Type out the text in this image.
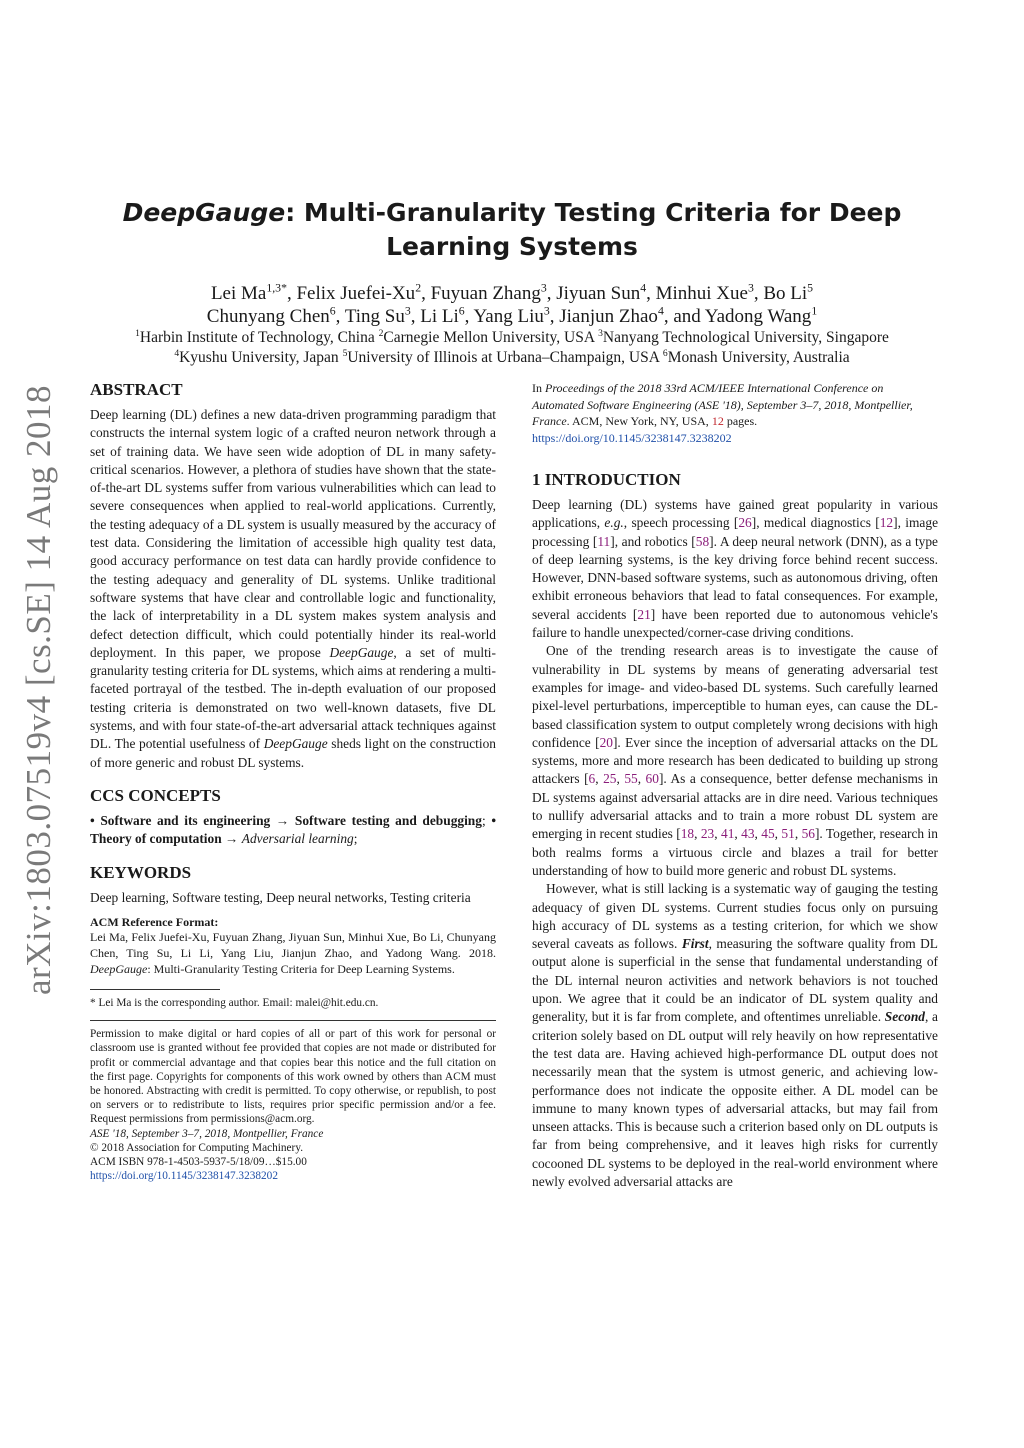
arXiv:1803.07519v4 [cs.SE] 14 Aug 2018
DeepGauge: Multi-Granularity Testing Criteria for Deep
Learning Systems
Lei $Ma^{1,3*}$, Felix Juefei-Xu$^2$, Fuyuan Zhang$^3$, Jiyuan Sun$^4$, Minhui Xue$^3$, Bo Li$^5$
Chunyang Chen$^6$, Ting Su$^3$, Li Li$^6$, Yang Liu$^3$, Jianjun Zhao$^4$, and Yadong Wang$^1$
$^1$Harbin Institute of Technology, China $^2$Carnegie Mellon University, USA $^3$Nanyang Technological University, Singapore
$^4$Kyushu University, Japan $^5$University of Illinois at Urbana–Champaign, USA $^6$Monash University, Australia
ABSTRACT

Deep learning (DL) defines a new data-driven programming paradigm that constructs the internal system logic of a crafted neuron network through a set of training data. We have seen wide adoption of DL in many safety-critical scenarios. However, a plethora of studies have shown that the state-of-the-art DL systems suffer from various vulnerabilities which can lead to severe consequences when applied to real-world applications. Currently, the testing adequacy of a DL system is usually measured by the accuracy of test data. Considering the limitation of accessible high quality test data, good accuracy performance on test data can hardly provide confidence to the testing adequacy and generality of DL systems. Unlike traditional software systems that have clear and controllable logic and functionality, the lack of interpretability in a DL system makes system analysis and defect detection difficult, which could potentially hinder its real-world deployment. In this paper, we propose DeepGauge, a set of multi-granularity testing criteria for DL systems, which aims at rendering a multi-faceted portrayal of the testbed. The in-depth evaluation of our proposed testing criteria is demonstrated on two well-known datasets, five DL systems, and with four state-of-the-art adversarial attack techniques against DL. The potential usefulness of DeepGauge sheds light on the construction of more generic and robust DL systems.

CCS CONCEPTS

• Software and its engineering → Software testing and debugging; • Theory of computation → Adversarial learning;

KEYWORDS

Deep learning, Software testing, Deep neural networks, Testing criteria

ACM Reference Format:

Lei Ma, Felix Juefei-Xu, Fuyuan Zhang, Jiyuan Sun, Minhui Xue, Bo Li, Chunyang Chen, Ting Su, Li Li, Yang Liu, Jianjun Zhao, and Yadong Wang. 2018. DeepGauge: Multi-Granularity Testing Criteria for Deep Learning Systems.

* Lei Ma is the corresponding author. Email: malei@hit.edu.cn.

Permission to make digital or hard copies of all or part of this work for personal or classroom use is granted without fee provided that copies are not made or distributed for profit or commercial advantage and that copies bear this notice and the full citation on the first page. Copyrights for components of this work owned by others than ACM must be honored. Abstracting with credit is permitted. To copy otherwise, or republish, to post on servers or to redistribute to lists, requires prior specific permission and/or a fee. Request permissions from permissions@acm.org.

ASE '18, September 3–7, 2018, Montpellier, France

© 2018 Association for Computing Machinery.

ACM ISBN 978-1-4503-5937-5/18/09…$15.00

https://doi.org/10.1145/3238147.3238202

In Proceedings of the 2018 33rd ACM/IEEE International Conference on Automated Software Engineering (ASE '18), September 3–7, 2018, Montpellier, France. ACM, New York, NY, USA, 12 pages. https://doi.org/10.1145/3238147.3238202

1 INTRODUCTION

Deep learning (DL) systems have gained great popularity in various applications, e.g., speech processing [26], medical diagnostics [12], image processing [11], and robotics [58]. A deep neural network (DNN), as a type of deep learning systems, is the key driving force behind recent success. However, DNN-based software systems, such as autonomous driving, often exhibit erroneous behaviors that lead to fatal consequences. For example, several accidents [21] have been reported due to autonomous vehicle's failure to handle unexpected/corner-case driving conditions.

One of the trending research areas is to investigate the cause of vulnerability in DL systems by means of generating adversarial test examples for image- and video-based DL systems. Such carefully learned pixel-level perturbations, imperceptible to human eyes, can cause the DL-based classification system to output completely wrong decisions with high confidence [20]. Ever since the inception of adversarial attacks on the DL systems, more and more research has been dedicated to building up strong attackers [6, 25, 55, 60]. As a consequence, better defense mechanisms in DL systems against adversarial attacks are in dire need. Various techniques to nullify adversarial attacks and to train a more robust DL system are emerging in recent studies [18, 23, 41, 43, 45, 51, 56]. Together, research in both realms forms a virtuous circle and blazes a trail for better understanding of how to build more generic and robust DL systems.

However, what is still lacking is a systematic way of gauging the testing adequacy of given DL systems. Current studies focus only on pursuing high accuracy of DL systems as a testing criterion, for which we show several caveats as follows. First, measuring the software quality from DL output alone is superficial in the sense that fundamental understanding of the DL internal neuron activities and network behaviors is not touched upon. We agree that it could be an indicator of DL system quality and generality, but it is far from complete, and oftentimes unreliable. Second, a criterion solely based on DL output will rely heavily on how representative the test data are. Having achieved high-performance DL output does not necessarily mean that the system is utmost generic, and achieving low-performance does not indicate the opposite either. A DL model can be immune to many known types of adversarial attacks, but may fail from unseen attacks. This is because such a criterion based only on DL outputs is far from being comprehensive, and it leaves high risks for currently cocooned DL systems to be deployed in the real-world environment where newly evolved adversarial attacks are
